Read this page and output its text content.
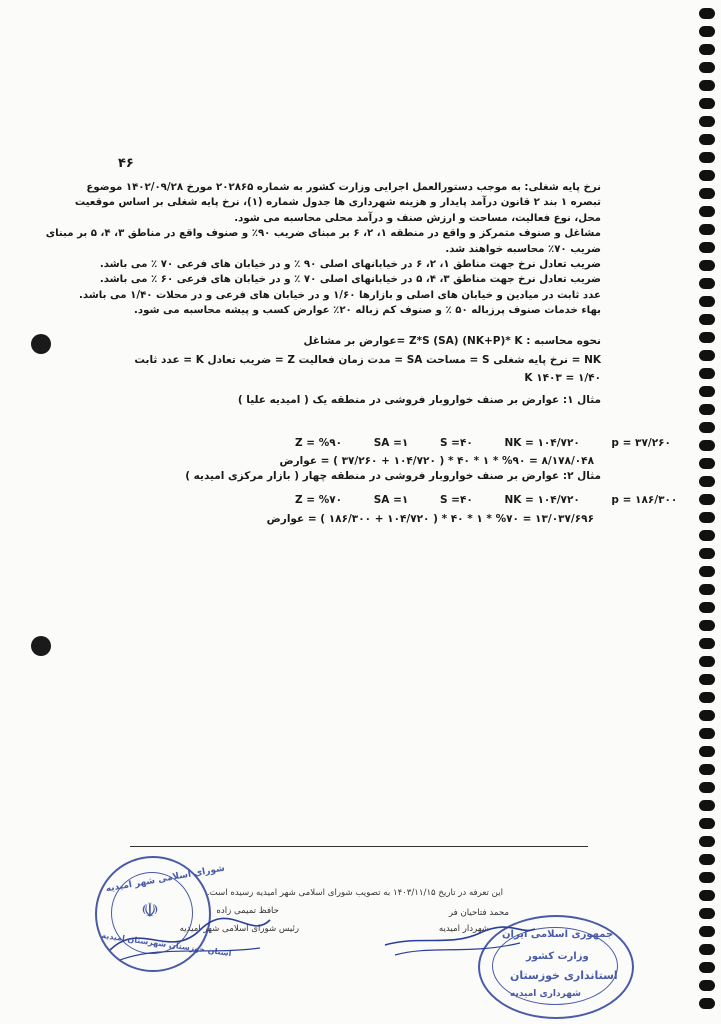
۴۶
نرخ پایه شغلی: به موجب دستورالعمل اجرایی وزارت کشور به شماره ۲۰۲۸۶۵ مورخ ۱۴۰۲/۰۹/۲۸ موضوع
تبصره ۱ بند ۲ قانون درآمد پایدار و هزینه شهرداری ها جدول شماره (۱)، نرخ پایه شغلی بر اساس موقعیت
محل، نوع فعالیت، مساحت و ارزش صنف و درآمد محلی محاسبه می شود.
مشاغل و صنوف متمرکز و واقع در منطقه ۱، ۲، ۶ بر مبنای ضریب ۹۰٪ و صنوف واقع در مناطق ۳، ۴، ۵ بر مبنای
ضریب ۷۰٪ محاسبه خواهند شد.
ضریب تعادل نرخ جهت مناطق ۱، ۲، ۶ در خیابانهای اصلی ۹۰ ٪ و در خیابان های فرعی ۷۰ ٪ می باشد.
ضریب تعادل نرخ جهت مناطق ۳، ۴، ۵ در خیابانهای اصلی ۷۰ ٪ و در خیابان های فرعی ۶۰ ٪ می باشد.
عدد ثابت در میادین و خیابان های اصلی و بازارها ۱/۶۰ و در خیابان های فرعی و در محلات ۱/۴۰ می باشد.
بهاء خدمات صنوف پرزباله ۵۰ ٪ و صنوف کم زباله ۲۰٪ عوارض کسب و پیشه محاسبه می شود.
نحوه محاسبه : Z*S (SA) (NK+P)* K =عوارض بر مشاغل
NK = نرخ پایه شغلی S = مساحت SA = مدت زمان فعالیت Z = ضریب تعادل K = عدد ثابت
۱/۴۰ = ۱۴۰۳ K
مثال ۱: عوارض بر صنف خواروبار فروشی در منطقه یک ( امیدیه علیا )
Z = %۹۰	SA =۱	S =۴۰	NK = ۱۰۴/۷۲۰	p = ۳۷/۲۶۰
۸/۱۷۸/۰۴۸ = %۹۰ * ۱ * ۴۰ * ( ۱۰۴/۷۲۰ + ۳۷/۲۶۰ ) = عوارض
مثال ۲: عوارض بر صنف خواروبار فروشی در منطقه چهار ( بازار مرکزی امیدیه )
Z = %۷۰	SA =۱	S =۴۰	NK = ۱۰۴/۷۲۰	p = ۱۸۶/۳۰۰
۱۳/۰۳۷/۶۹۶ = %۷۰ * ۱ * ۴۰ * ( ۱۰۴/۷۲۰ + ۱۸۶/۳۰۰ ) = عوارض
این تعرفه در تاریخ ۱۴۰۳/۱۱/۱۵ به تصویب شورای اسلامی شهر امیدیه رسیده است.
حافظ تمیمی زاده	محمد فتاحیان فر
رئیس شورای اسلامی شهر امیدیه	شهردار امیدیه
شورای اسلامی شهر امیدیه
☫
استان خوزستان شهرستان امیدیه	جمهوری اسلامی ایران
وزارت کشور
استانداری خوزستان
شهرداری امیدیه
